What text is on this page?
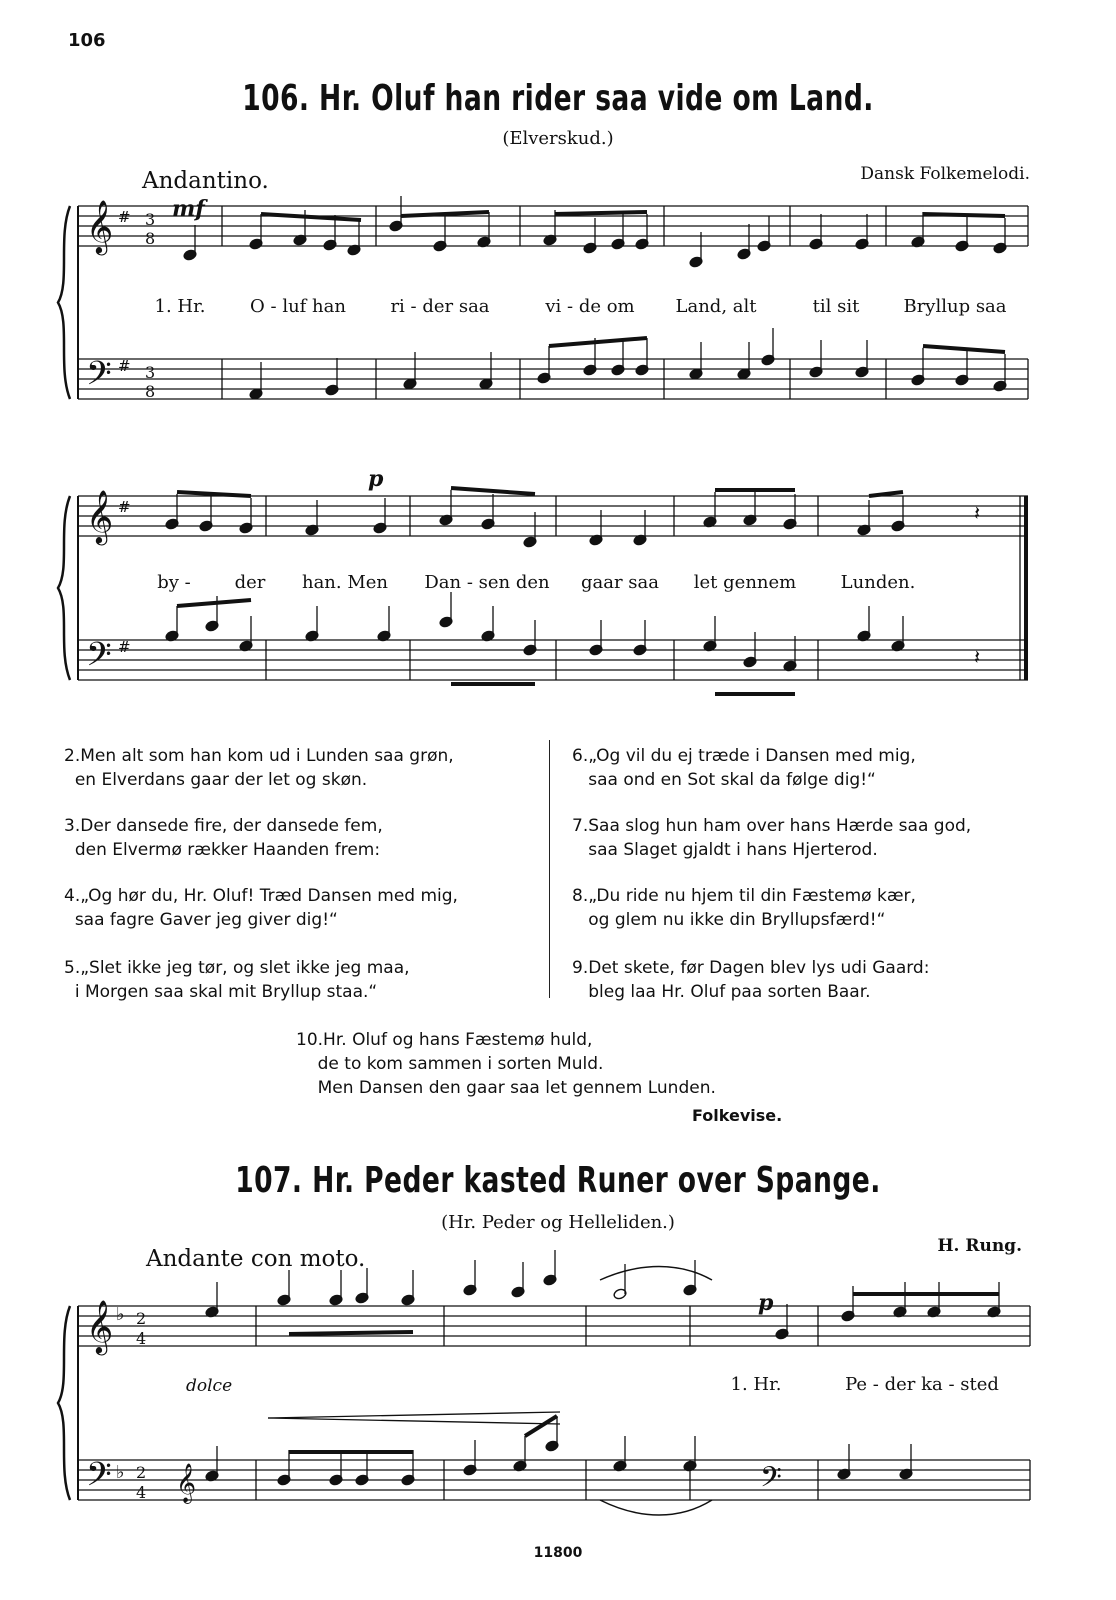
106
106. Hr. Oluf han rider saa vide om Land.
(Elverskud.)
Andantino.	Dansk Folkemelodi.
𝄞
𝄢
#
#
3
8
3
8
𝄞
𝄢
#
#
𝄽
𝄽
𝄞
𝄢
♭
♭
2
4
2
4 𝄞	𝄢
mf
p
1. Hr. O - luf han ri - der saa	vi - de om Land, alt	til sit Bryllup saa
by - der han. Men Dan - sen den gaar saa let gennem Lunden.
2.Men alt som han kom ud i Lunden saa grøn,
en Elverdans gaar der let og skøn.
3.Der dansede fire, der dansede fem,
den Elvermø rækker Haanden frem:
4.„Og hør du, Hr. Oluf! Træd Dansen med mig,
saa fagre Gaver jeg giver dig!“
5.„Slet ikke jeg tør, og slet ikke jeg maa,
i Morgen saa skal mit Bryllup staa.“
6.„Og vil du ej træde i Dansen med mig,
saa ond en Sot skal da følge dig!“
7.Saa slog hun ham over hans Hærde saa god,
saa Slaget gjaldt i hans Hjerterod.
8.„Du ride nu hjem til din Fæstemø kær,
og glem nu ikke din Bryllupsfærd!“
9.Det skete, før Dagen blev lys udi Gaard:
bleg laa Hr. Oluf paa sorten Baar.
10.Hr. Oluf og hans Fæstemø huld,
de to kom sammen i sorten Muld.
Men Dansen den gaar saa let gennem Lunden.
Folkevise.
107. Hr. Peder kasted Runer over Spange.
(Hr. Peder og Helleliden.)
Andante con moto.	H. Rung.
dolce
p
1. Hr.	Pe - der ka - sted
11800
